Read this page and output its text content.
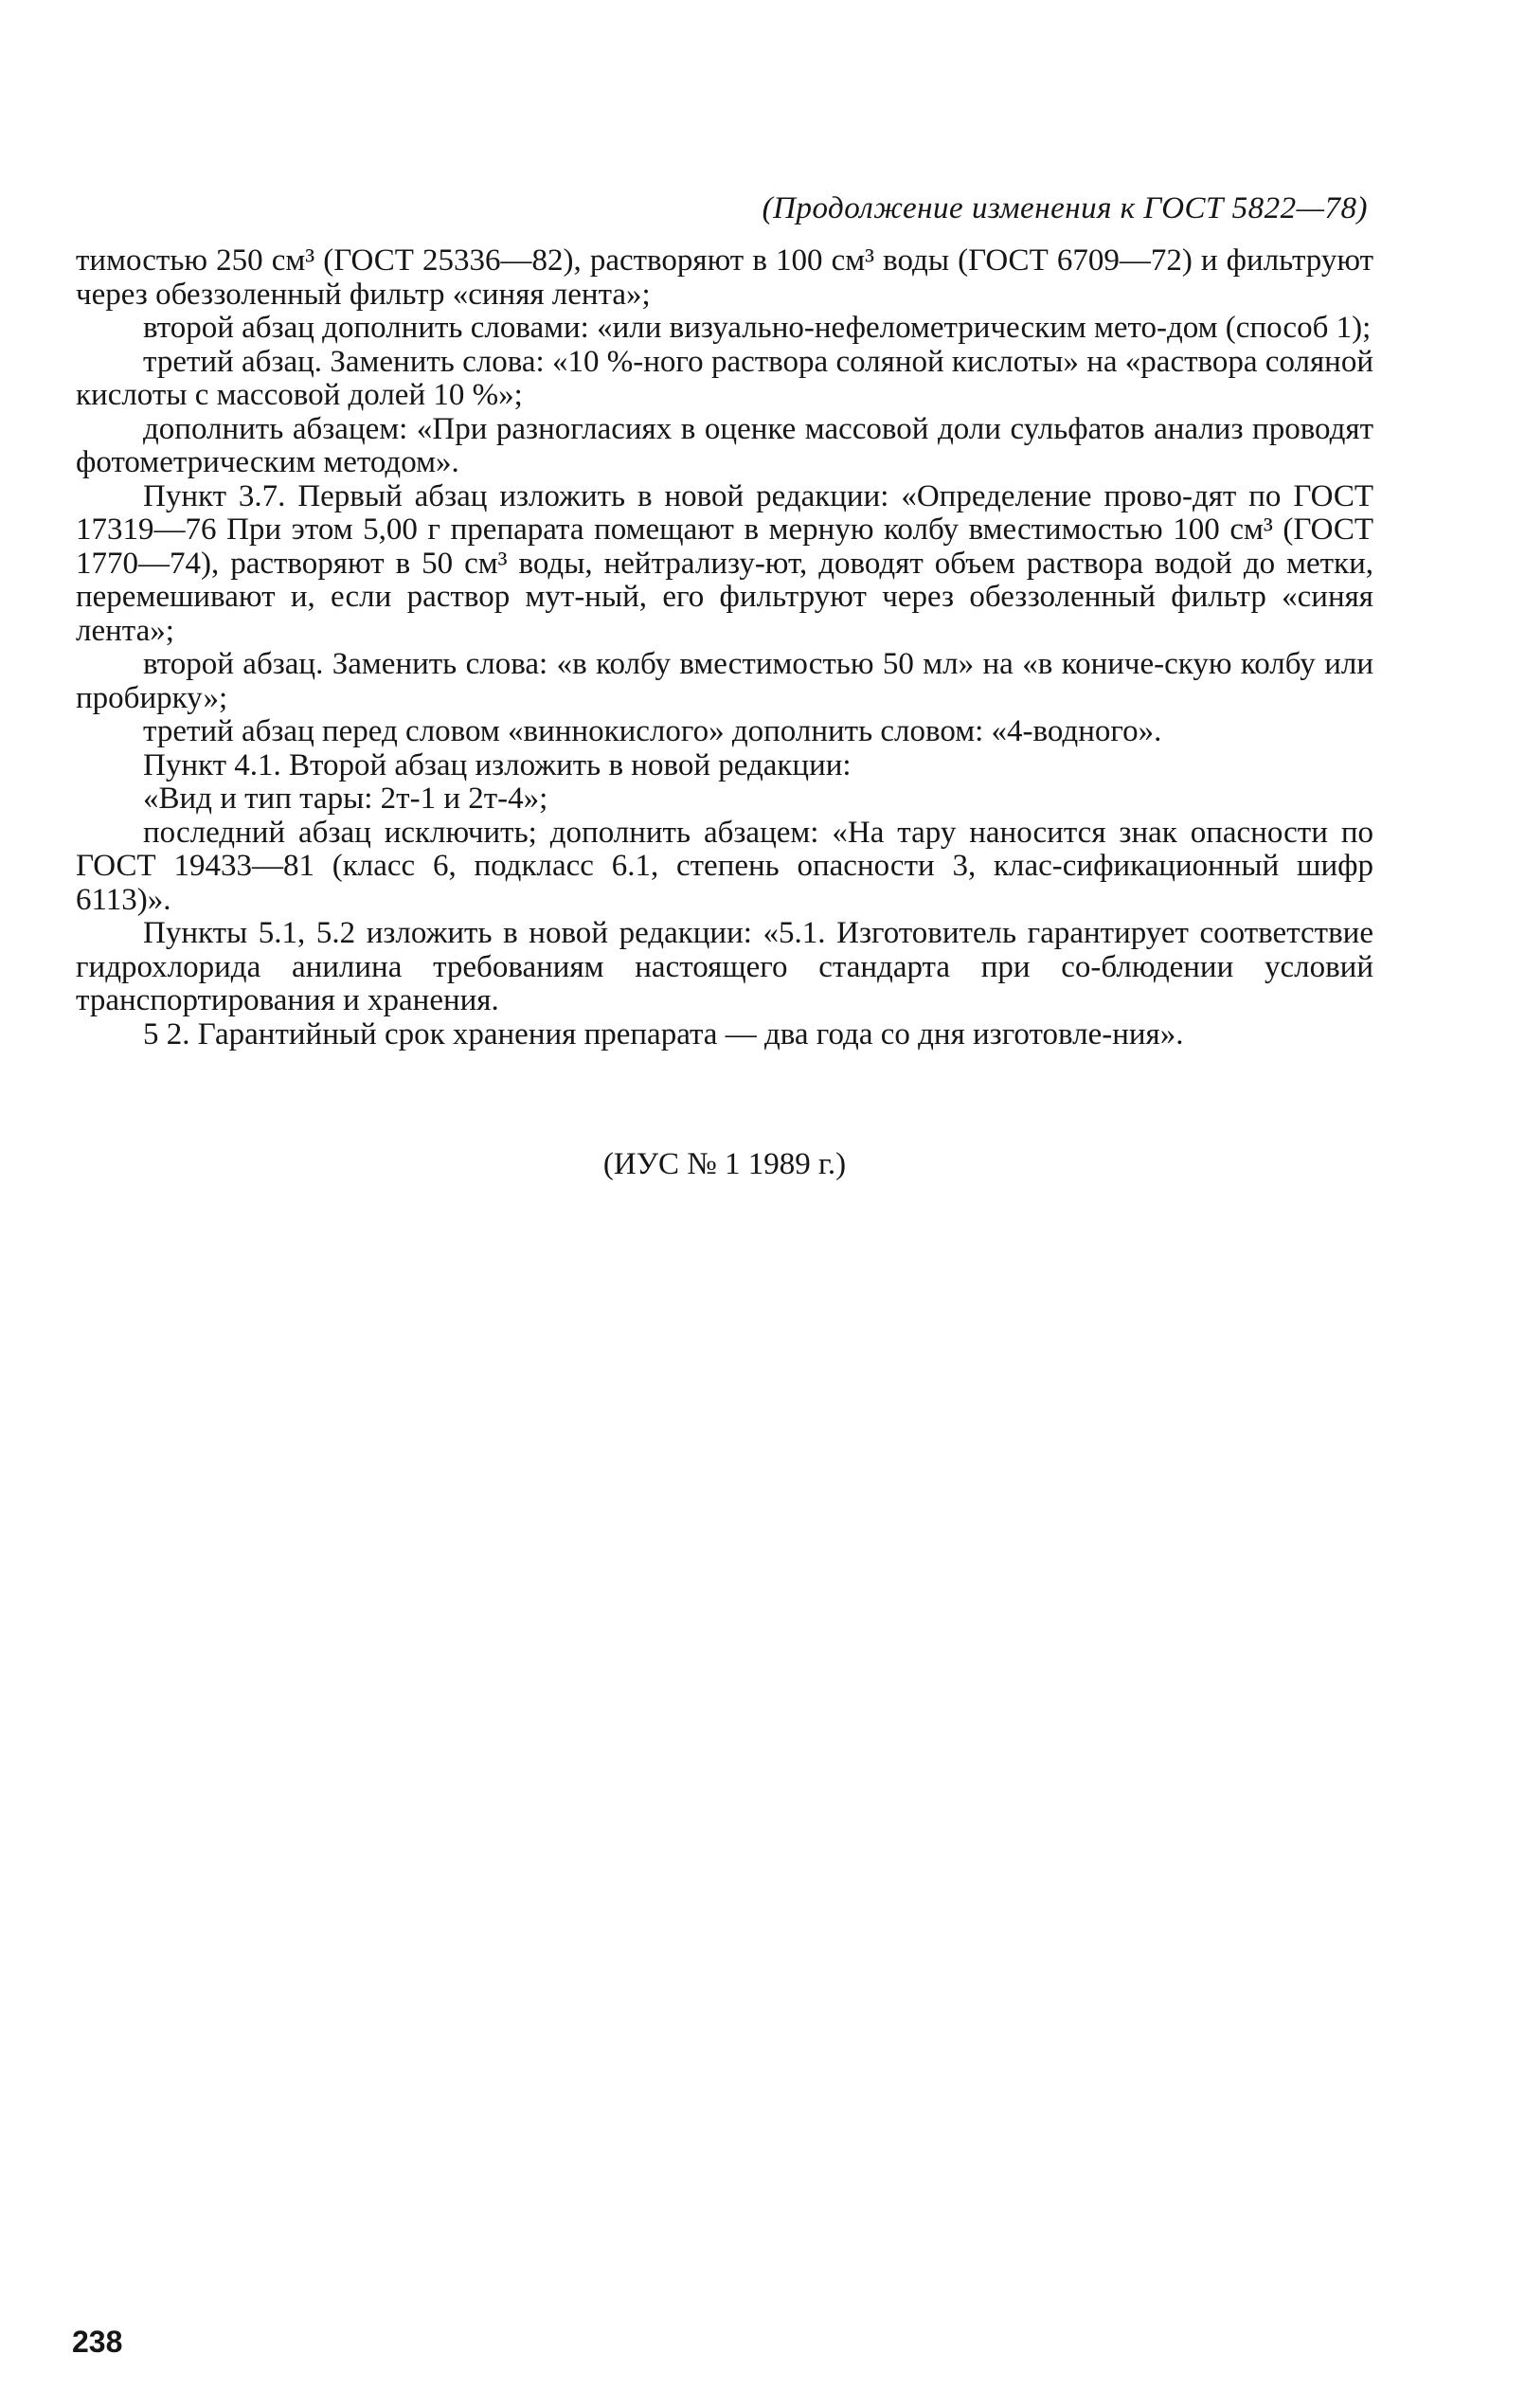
(Продолжение изменения к ГОСТ 5822—78)

тимостью 250 см³ (ГОСТ 25336—82), растворяют в 100 см³ воды (ГОСТ 6709—72) и фильтруют через обеззоленный фильтр «синяя лента»;

второй абзац дополнить словами: «или визуально-нефелометрическим мето-дом (способ 1);

третий абзац. Заменить слова: «10 %-ного раствора соляной кислоты» на «раствора соляной кислоты с массовой долей 10 %»;

дополнить абзацем: «При разногласиях в оценке массовой доли сульфатов анализ проводят фотометрическим методом».

Пункт 3.7. Первый абзац изложить в новой редакции: «Определение прово-дят по ГОСТ 17319—76 При этом 5,00 г препарата помещают в мерную колбу вместимостью 100 см³ (ГОСТ 1770—74), растворяют в 50 см³ воды, нейтрализу-ют, доводят объем раствора водой до метки, перемешивают и, если раствор мут-ный, его фильтруют через обеззоленный фильтр «синяя лента»;

второй абзац. Заменить слова: «в колбу вместимостью 50 мл» на «в кониче-скую колбу или пробирку»;

третий абзац перед словом «виннокислого» дополнить словом: «4-водного».

Пункт 4.1. Второй абзац изложить в новой редакции:

«Вид и тип тары: 2т-1 и 2т-4»;

последний абзац исключить; дополнить абзацем: «На тару наносится знак опасности по ГОСТ 19433—81 (класс 6, подкласс 6.1, степень опасности 3, клас-сификационный шифр 6113)».

Пункты 5.1, 5.2 изложить в новой редакции: «5.1. Изготовитель гарантирует соответствие гидрохлорида анилина требованиям настоящего стандарта при со-блюдении условий транспортирования и хранения.

5 2. Гарантийный срок хранения препарата — два года со дня изготовле-ния».

(ИУС № 1 1989 г.)
238
